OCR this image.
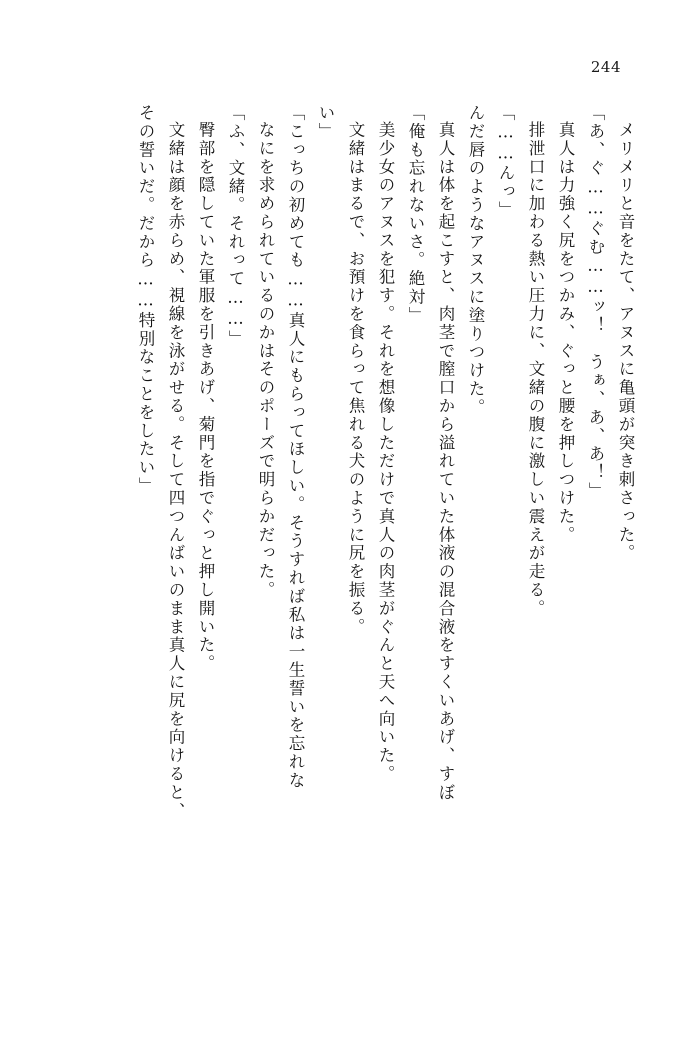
244
その誓いだ。だから……特別なことをしたい」 文緒は顔を赤らめ、視線を泳がせる。そして四つんばいのまま真人に尻を向けると、 臀部を隠していた軍服を引きあげ、菊門を指でぐっと押し開いた。 「ふ、文緒。それって……」 なにを求められているのかはそのポーズで明らかだった。 「こっちの初めても……真人にもらってほしい。そうすれば私は一生誓いを忘れな い」 文緒はまるで、お預けを食らって焦れる犬のように尻を振る。 美少女のアヌスを犯す。それを想像しただけで真人の肉茎がぐんと天へ向いた。 「俺も忘れないさ。絶対」 真人は体を起こすと、肉茎で膣口から溢れていた体液の混合液をすくいあげ、すぼ んだ唇のようなアヌスに塗りつけた。 「……んっ」 排泄口に加わる熱い圧力に、文緒の腹に激しい震えが走る。 真人は力強く尻をつかみ、ぐっと腰を押しつけた。 「あ、ぐ……ぐむ……ッ！　うぁ、あ、あ！」 メリメリと音をたて、アヌスに亀頭が突き刺さった。
